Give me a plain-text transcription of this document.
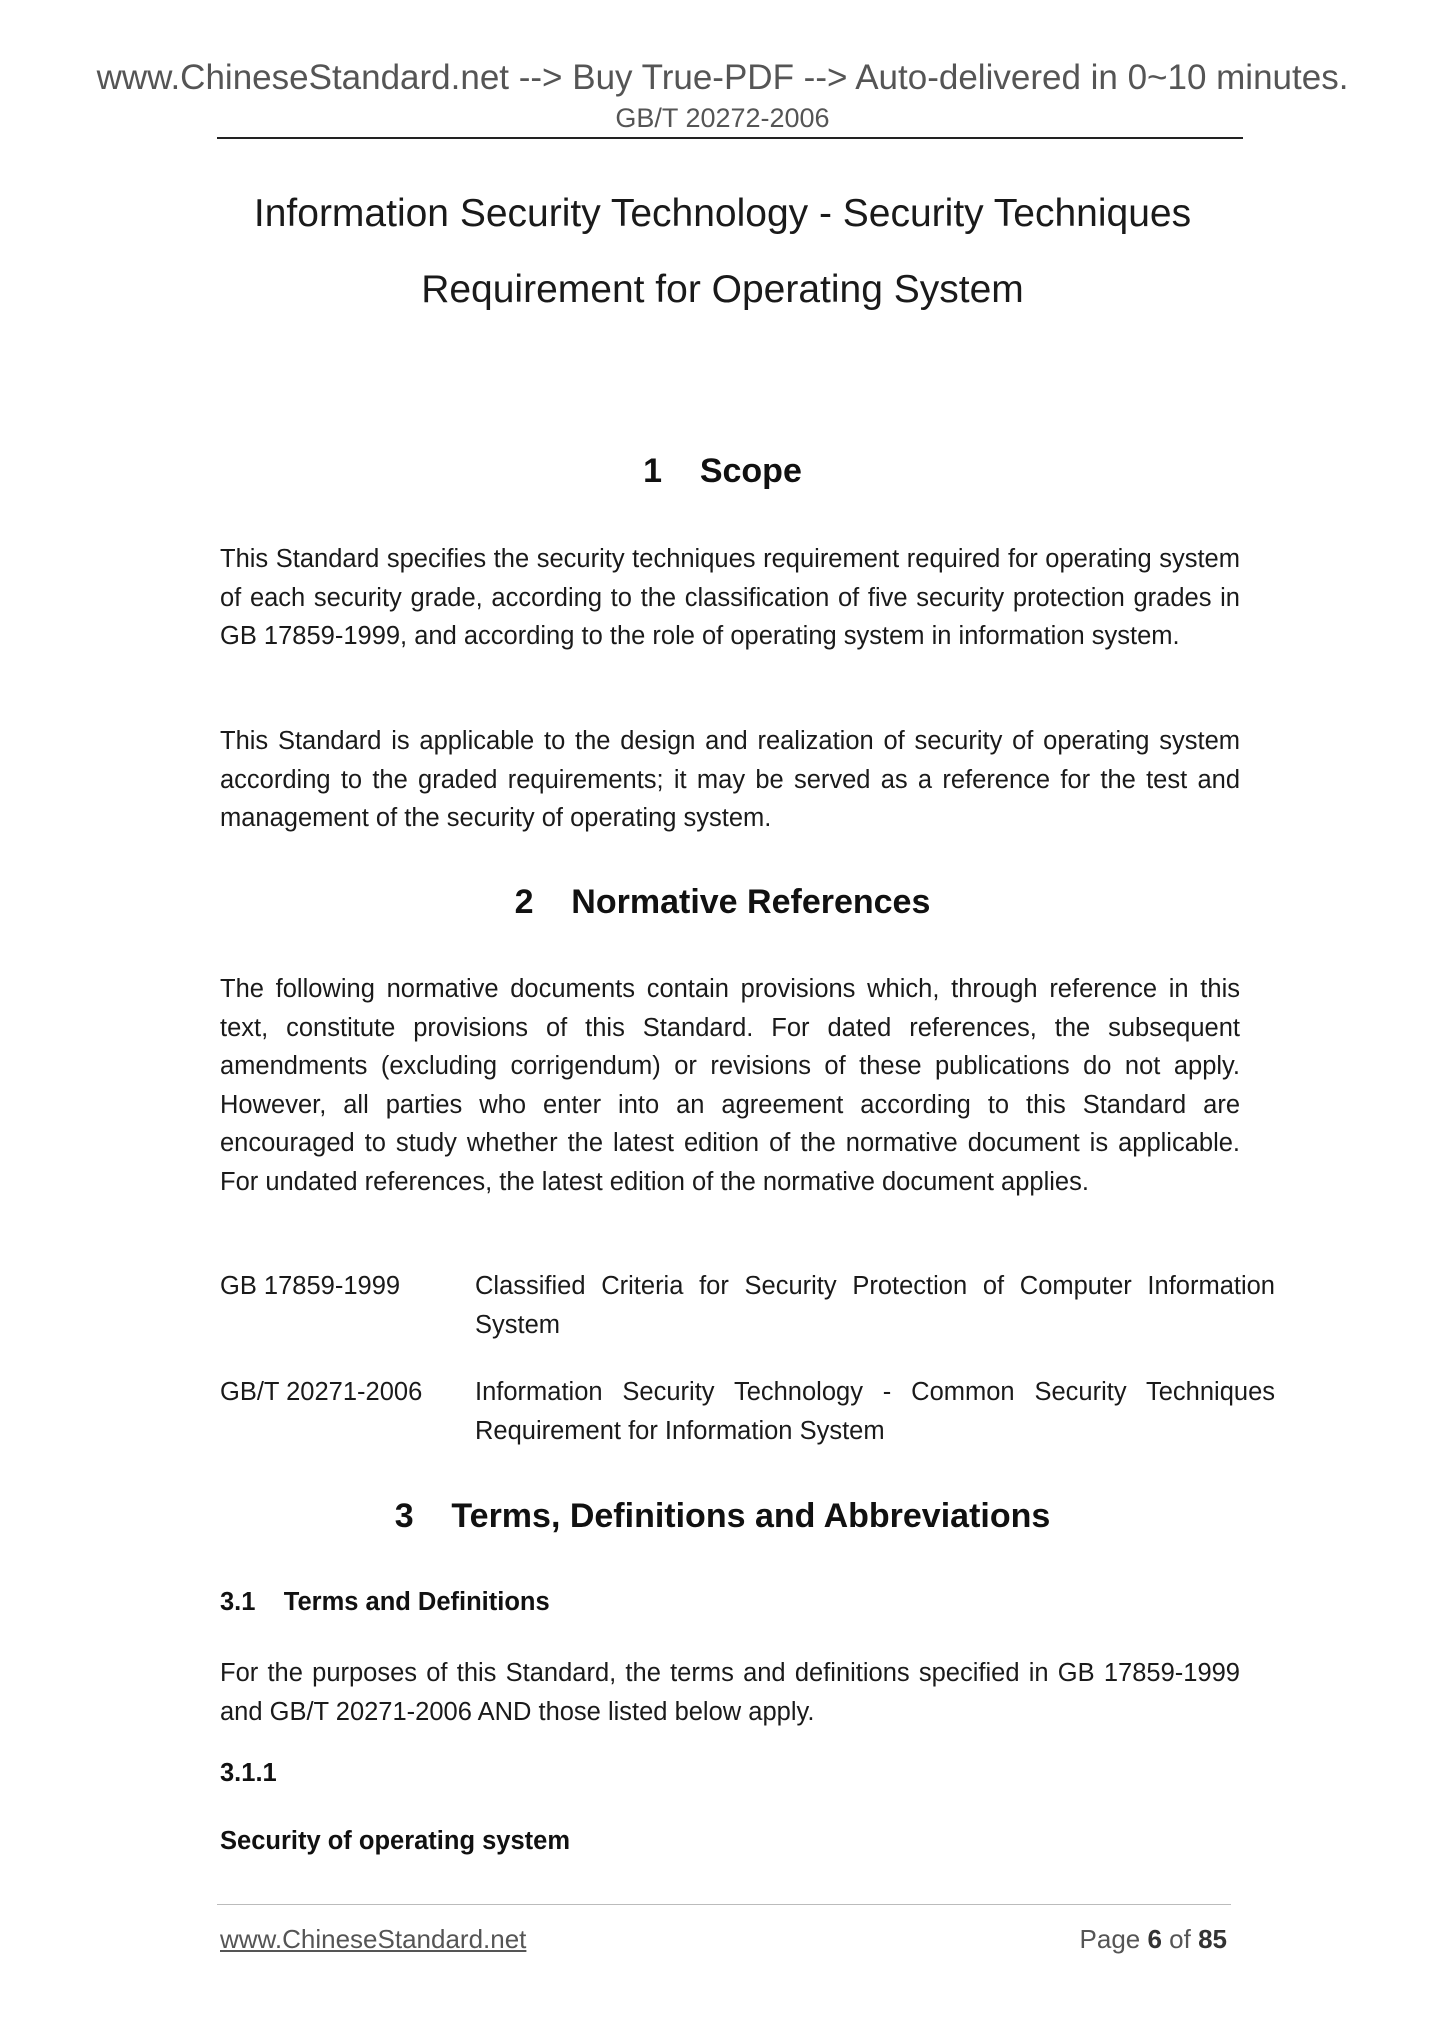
www.ChineseStandard.net --> Buy True-PDF --> Auto-delivered in 0~10 minutes.
GB/T 20272-2006
Information Security Technology - Security Techniques
Requirement for Operating System
1    Scope
This Standard specifies the security techniques requirement required for operating system of each security grade, according to the classification of five security protection grades in GB 17859-1999, and according to the role of operating system in information system.
This Standard is applicable to the design and realization of security of operating system according to the graded requirements; it may be served as a reference for the test and management of the security of operating system.
2    Normative References
The following normative documents contain provisions which, through reference in this text, constitute provisions of this Standard. For dated references, the subsequent amendments (excluding corrigendum) or revisions of these publications do not apply. However, all parties who enter into an agreement according to this Standard are encouraged to study whether the latest edition of the normative document is applicable. For undated references, the latest edition of the normative document applies.
GB 17859-1999	Classified Criteria for Security Protection of Computer Information System
GB/T 20271-2006 Information Security Technology - Common Security Techniques Requirement for Information System
3    Terms, Definitions and Abbreviations
3.1    Terms and Definitions
For the purposes of this Standard, the terms and definitions specified in GB 17859-1999 and GB/T 20271-2006 AND those listed below apply.
3.1.1
Security of operating system
www.ChineseStandard.net	Page 6 of 85
